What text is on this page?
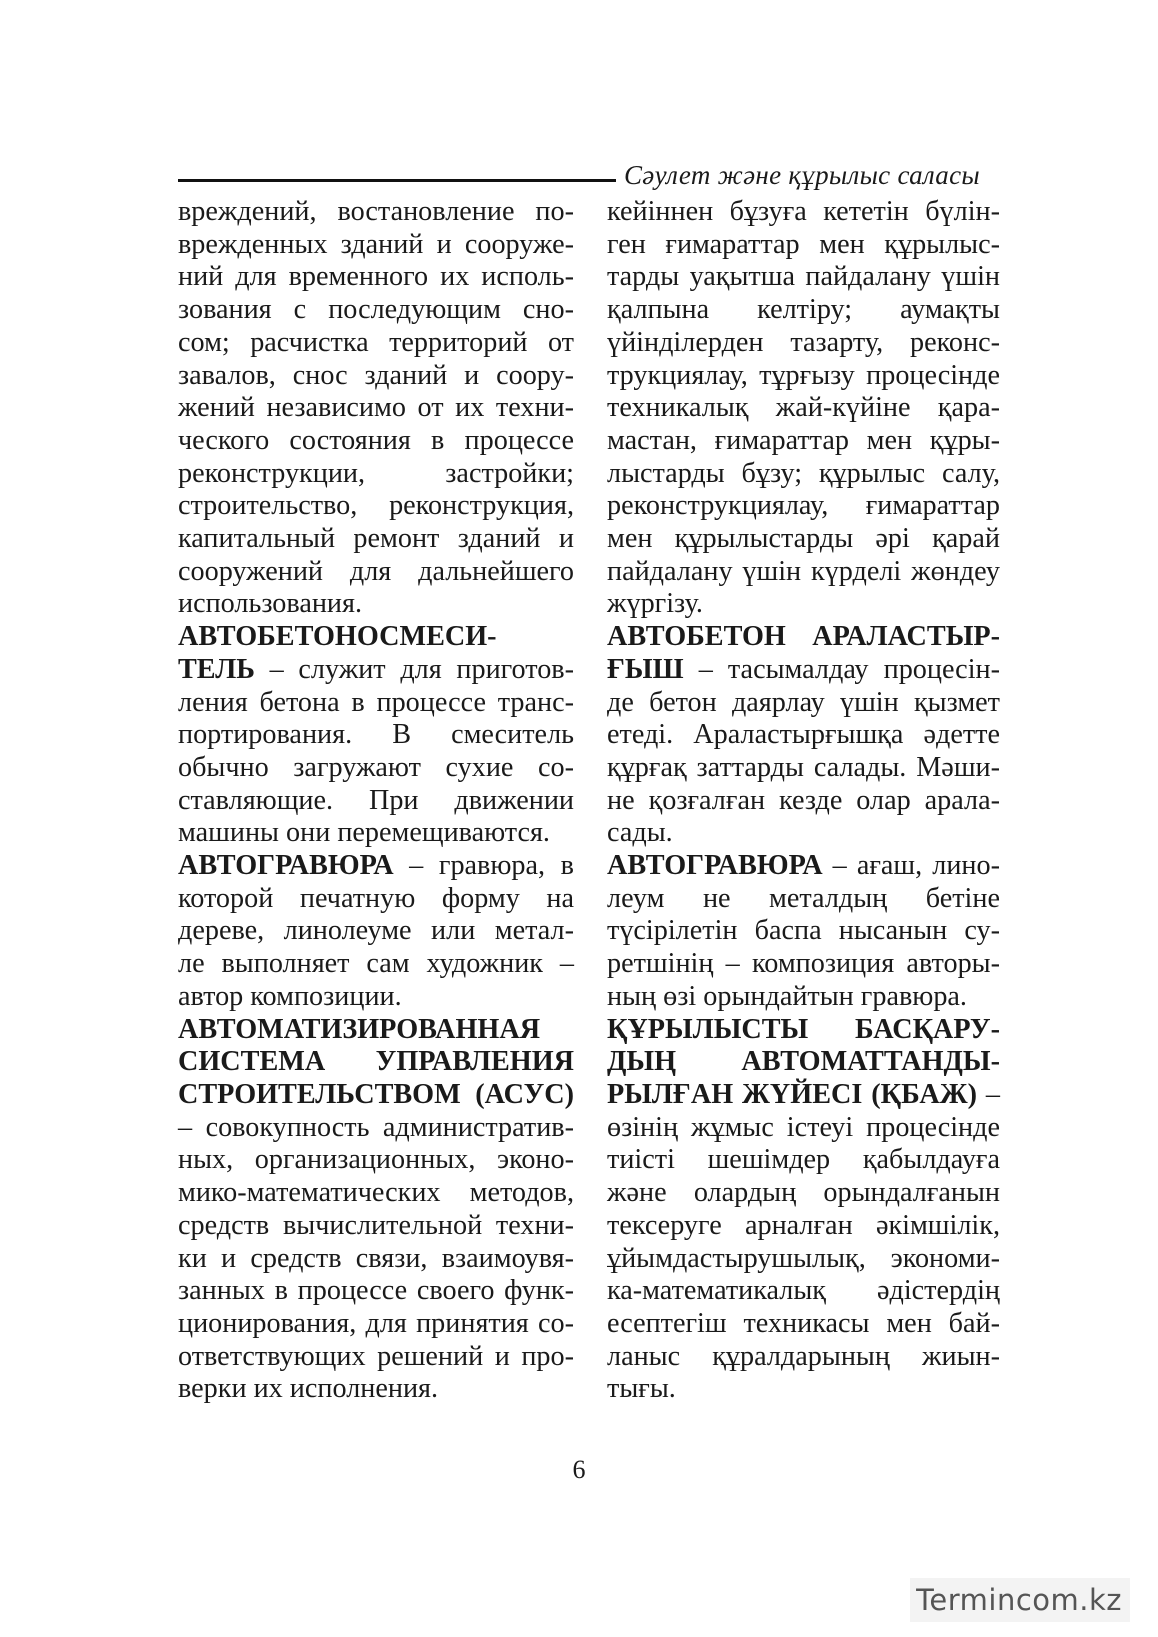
Сәулет және құрылыс саласы
вреждений, востановление по-
врежденных зданий и сооруже-
ний для временного их исполь-
зования с последующим сно-
сом; расчистка территорий от
завалов, снос зданий и соору-
жений независимо от их техни-
ческого состояния в процессе
реконструкции, застройки;
строительство, реконструкция,
капитальный ремонт зданий и
сооружений для дальнейшего
использования.
АВТОБЕТОНОСМЕСИ-
ТЕЛЬ – служит для приготов-
ления бетона в процессе транс-
портирования. В смеситель
обычно загружают сухие со-
ставляющие. При движении
машины они перемещиваются.
АВТОГРАВЮРА – гравюра, в
которой печатную форму на
дереве, линолеуме или метал-
ле выполняет сам художник –
автор композиции.
АВТОМАТИЗИРОВАННАЯ
СИСТЕМА УПРАВЛЕНИЯ
СТРОИТЕЛЬСТВОМ (АСУС)
– совокупность административ-
ных, организационных, эконо-
мико-математических методов,
средств вычислительной техни-
ки и средств связи, взаимоувя-
занных в процессе своего функ-
ционирования, для принятия со-
ответствующих решений и про-
верки их исполнения.
кейіннен бұзуға кететін бүлін-
ген ғимараттар мен құрылыс-
тарды уақытша пайдалану үшін
қалпына келтіру; аумақты
үйінділерден тазарту, реконс-
трукциялау, тұрғызу процесінде
техникалық жай-күйіне қара-
мастан, ғимараттар мен құры-
лыстарды бұзу; құрылыс салу,
реконструкциялау, ғимараттар
мен құрылыстарды әрі қарай
пайдалану үшін күрделі жөндеу
жүргізу.
АВТОБЕТОН АРАЛАСТЫР-
ҒЫШ – тасымалдау процесін-
де бетон даярлау үшін қызмет
етеді. Араластырғышқа әдетте
құрғақ заттарды салады. Мәши-
не қозғалған кезде олар арала-
сады.
АВТОГРАВЮРА – ағаш, лино-
леум не металдың бетіне
түсірілетін баспа нысанын су-
ретшінің – композиция авторы-
ның өзі орындайтын гравюра.
ҚҰРЫЛЫСТЫ БАСҚАРУ-
ДЫҢ АВТОМАТТАНДЫ-
РЫЛҒАН ЖҮЙЕСІ (ҚБАЖ) –
өзінің жұмыс істеуі процесінде
тиісті шешімдер қабылдауға
және олардың орындалғанын
тексеруге арналған әкімшілік,
ұйымдастырушылық, экономи-
ка-математикалық әдістердің
есептегіш техникасы мен бай-
ланыс құралдарының жиын-
тығы.
6
Termincom.kz
